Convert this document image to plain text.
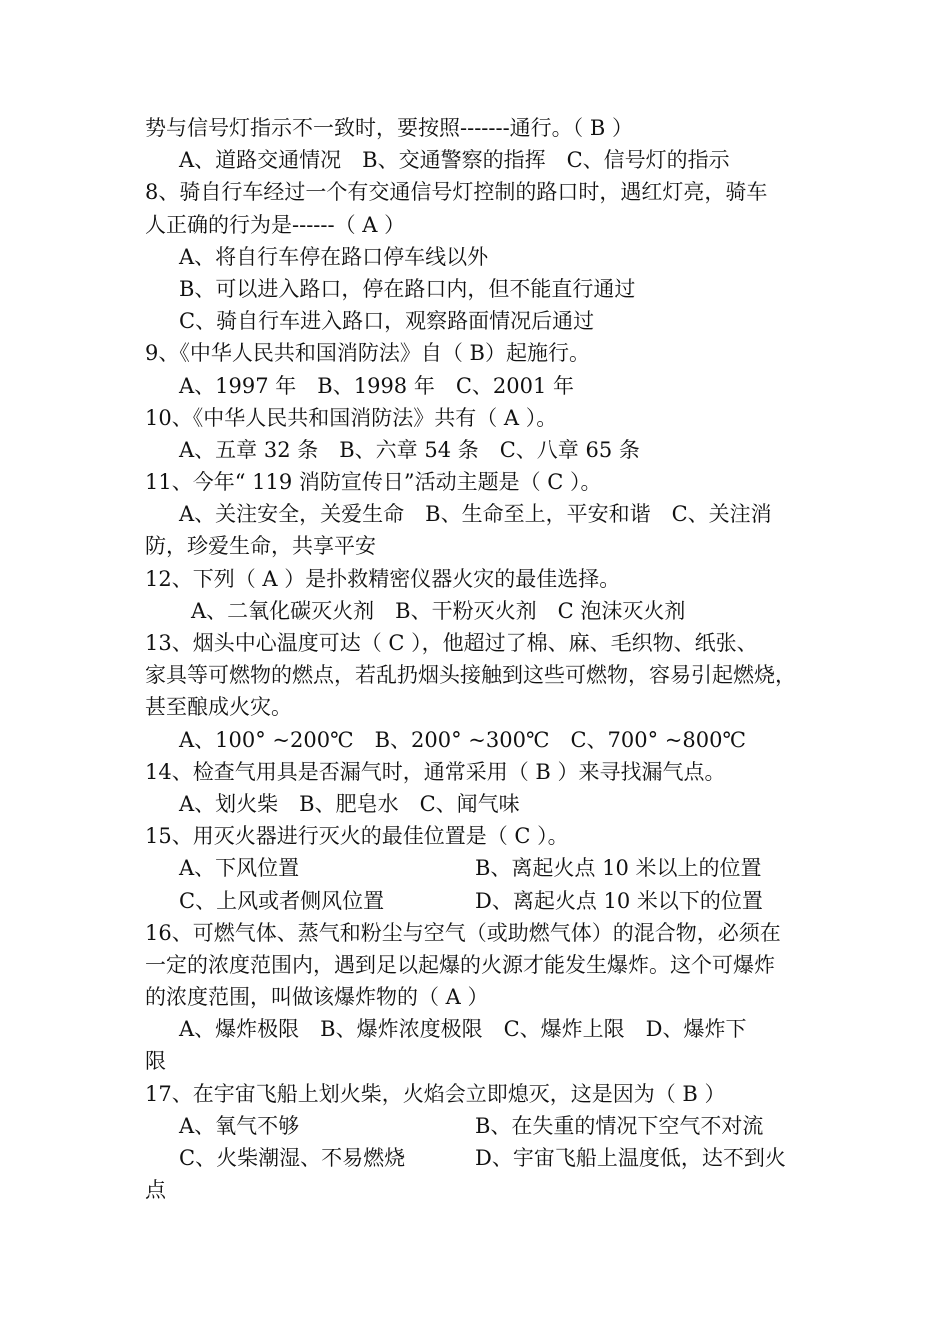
势与信号灯指示不一致时，要按照-------通行。（ B ）
A、道路交通情况　B、交通警察的指挥　C、信号灯的指示
8、骑自行车经过一个有交通信号灯控制的路口时，遇红灯亮，骑车
人正确的行为是------（ A ）
A、将自行车停在路口停车线以外
B、可以进入路口，停在路口内，但不能直行通过
C、骑自行车进入路口，观察路面情况后通过
9、《中华人民共和国消防法》自（ B）起施行。
A、1997 年　B、1998 年　C、2001 年
10、《中华人民共和国消防法》共有（ A ）。
A、五章 32 条　B、六章 54 条　C、八章 65 条
11、今年“ 119 消防宣传日”活动主题是（ C ）。
A、关注安全，关爱生命　B、生命至上，平安和谐　C、关注消
防，珍爱生命，共享平安
12、下列（ A ）是扑救精密仪器火灾的最佳选择。
A、二氧化碳灭火剂　B、干粉灭火剂　C 泡沫灭火剂
13、烟头中心温度可达（ C ），他超过了棉、麻、毛织物、纸张、
家具等可燃物的燃点，若乱扔烟头接触到这些可燃物，容易引起燃烧，
甚至酿成火灾。
A、100° ~200℃　B、200° ~300℃　C、700° ~800℃
14、检查气用具是否漏气时，通常采用（ B ）来寻找漏气点。
A、划火柴　B、肥皂水　C、闻气味
15、用灭火器进行灭火的最佳位置是（ C ）。
A、下风位置	B、离起火点 10 米以上的位置
C、上风或者侧风位置	D、离起火点 10 米以下的位置
16、可燃气体、蒸气和粉尘与空气（或助燃气体）的混合物，必须在
一定的浓度范围内，遇到足以起爆的火源才能发生爆炸。这个可爆炸
的浓度范围，叫做该爆炸物的（ A ）
A、爆炸极限　B、爆炸浓度极限　C、爆炸上限　D、爆炸下
限
17、在宇宙飞船上划火柴，火焰会立即熄灭，这是因为（ B ）
A、氧气不够	B、在失重的情况下空气不对流
C、火柴潮湿、不易燃烧	D、宇宙飞船上温度低，达不到火
点
